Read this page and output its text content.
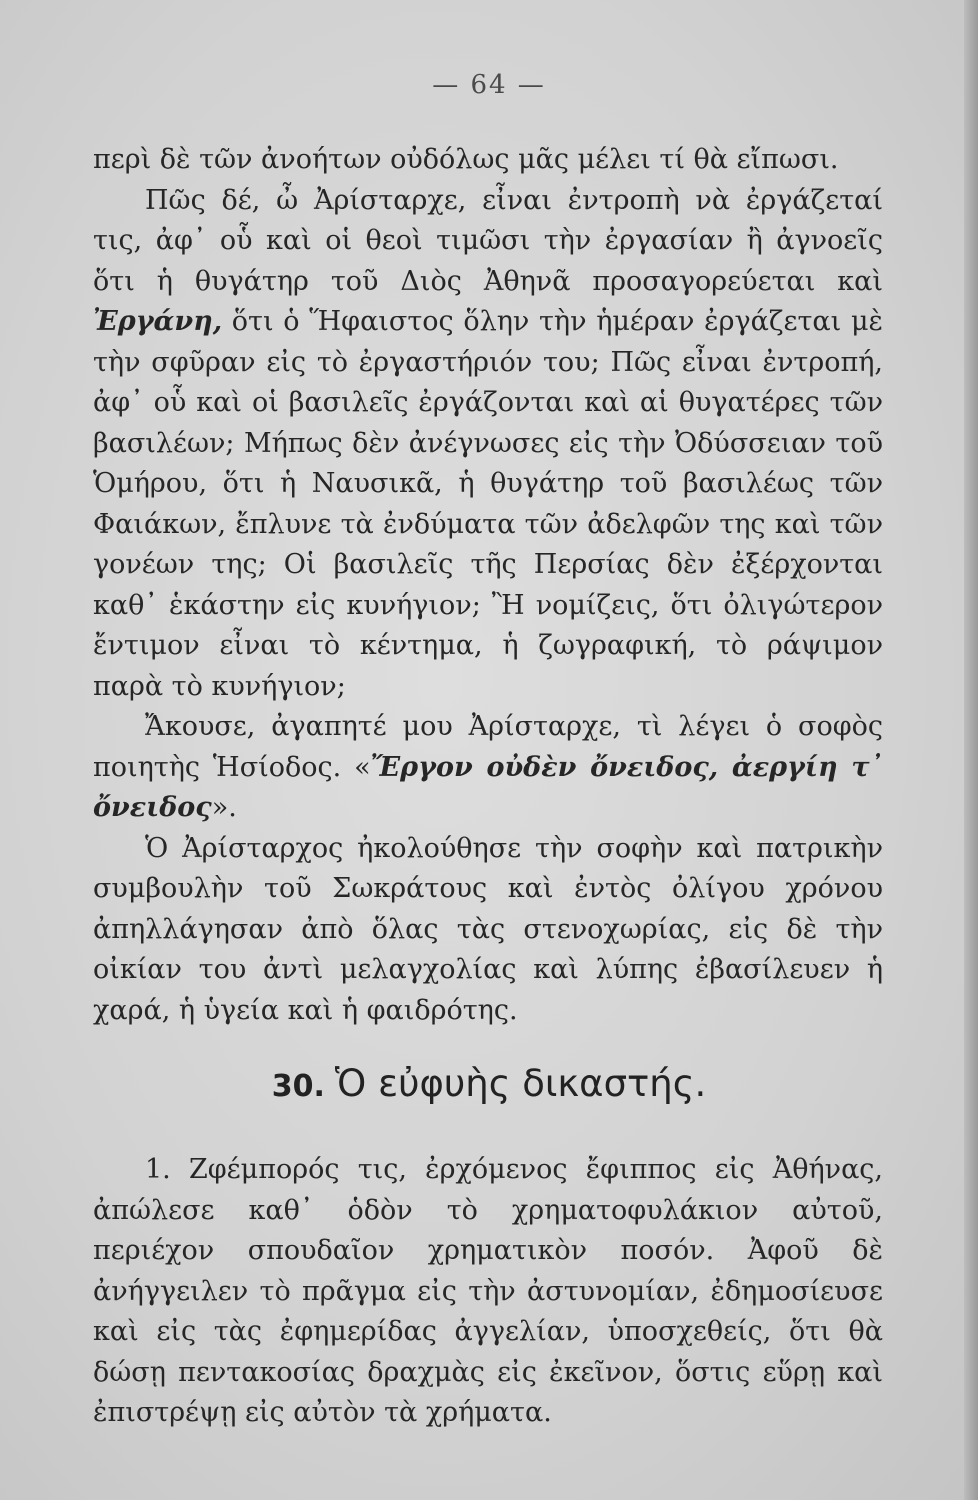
— 64 —

περὶ δὲ τῶν ἀνοήτων οὐδόλως μᾶς μέλει τί θὰ εἴπωσι.

Πῶς δέ, ὦ Ἀρίσταρχε, εἶναι ἐντροπὴ νὰ ἐργάζεταί τις, ἀφ᾽ οὗ καὶ οἱ θεοὶ τιμῶσι τὴν ἐργασίαν ἢ ἀγνοεῖς ὅτι ἡ θυγάτηρ τοῦ Διὸς Ἀθηνᾶ προσαγορεύεται καὶ Ἐργάνη, ὅτι ὁ Ἥφαιστος ὅλην τὴν ἡμέραν ἐργάζεται μὲ τὴν σφῦραν εἰς τὸ ἐργαστήριόν του; Πῶς εἶναι ἐντροπή, ἀφ᾽ οὗ καὶ οἱ βασιλεῖς ἐργάζονται καὶ αἱ θυγατέρες τῶν βασιλέων; Μήπως δὲν ἀνέγνωσες εἰς τὴν Ὀδύσσειαν τοῦ Ὁμήρου, ὅτι ἡ Ναυσικᾶ, ἡ θυγάτηρ τοῦ βασιλέως τῶν Φαιάκων, ἔπλυνε τὰ ἐνδύματα τῶν ἀδελφῶν της καὶ τῶν γονέων της; Οἱ βασιλεῖς τῆς Περσίας δὲν ἐξέρχονται καθ᾽ ἑκάστην εἰς κυνήγιον; Ἢ νομίζεις, ὅτι ὀλιγώτερον ἔντιμον εἶναι τὸ κέντημα, ἡ ζωγραφική, τὸ ράψιμον παρὰ τὸ κυνήγιον;

Ἄκουσε, ἀγαπητέ μου Ἀρίσταρχε, τὶ λέγει ὁ σοφὸς ποιητὴς Ἡσίοδος. «Ἔργον οὐδὲν ὄνειδος, ἀεργίη τ᾽ ὄνειδος».

Ὁ Ἀρίσταρχος ἠκολούθησε τὴν σοφὴν καὶ πατρικὴν συμβουλὴν τοῦ Σωκράτους καὶ ἐντὸς ὀλίγου χρόνου ἀπηλλάγησαν ἀπὸ ὅλας τὰς στενοχωρίας, εἰς δὲ τὴν οἰκίαν του ἀντὶ μελαγχολίας καὶ λύπης ἐβασίλευεν ἡ χαρά, ἡ ὑγεία καὶ ἡ φαιδρότης.

30. Ὁ εὐφυὴς δικαστής.

1. Ζφέμπορός τις, ἐρχόμενος ἔφιππος εἰς Ἀθήνας, ἀπώλεσε καθ᾽ ὁδὸν τὸ χρηματοφυλάκιον αὐτοῦ, περιέχον σπουδαῖον χρηματικὸν ποσόν. Ἀφοῦ δὲ ἀνήγγειλεν τὸ πρᾶγμα εἰς τὴν ἀστυνομίαν, ἐδημοσίευσε καὶ εἰς τὰς ἐφημερίδας ἀγγελίαν, ὑποσχεθείς, ὅτι θὰ δώσῃ πεντακοσίας δραχμὰς εἰς ἐκεῖνον, ὅστις εὕρῃ καὶ ἐπιστρέψῃ εἰς αὐτὸν τὰ χρήματα.
